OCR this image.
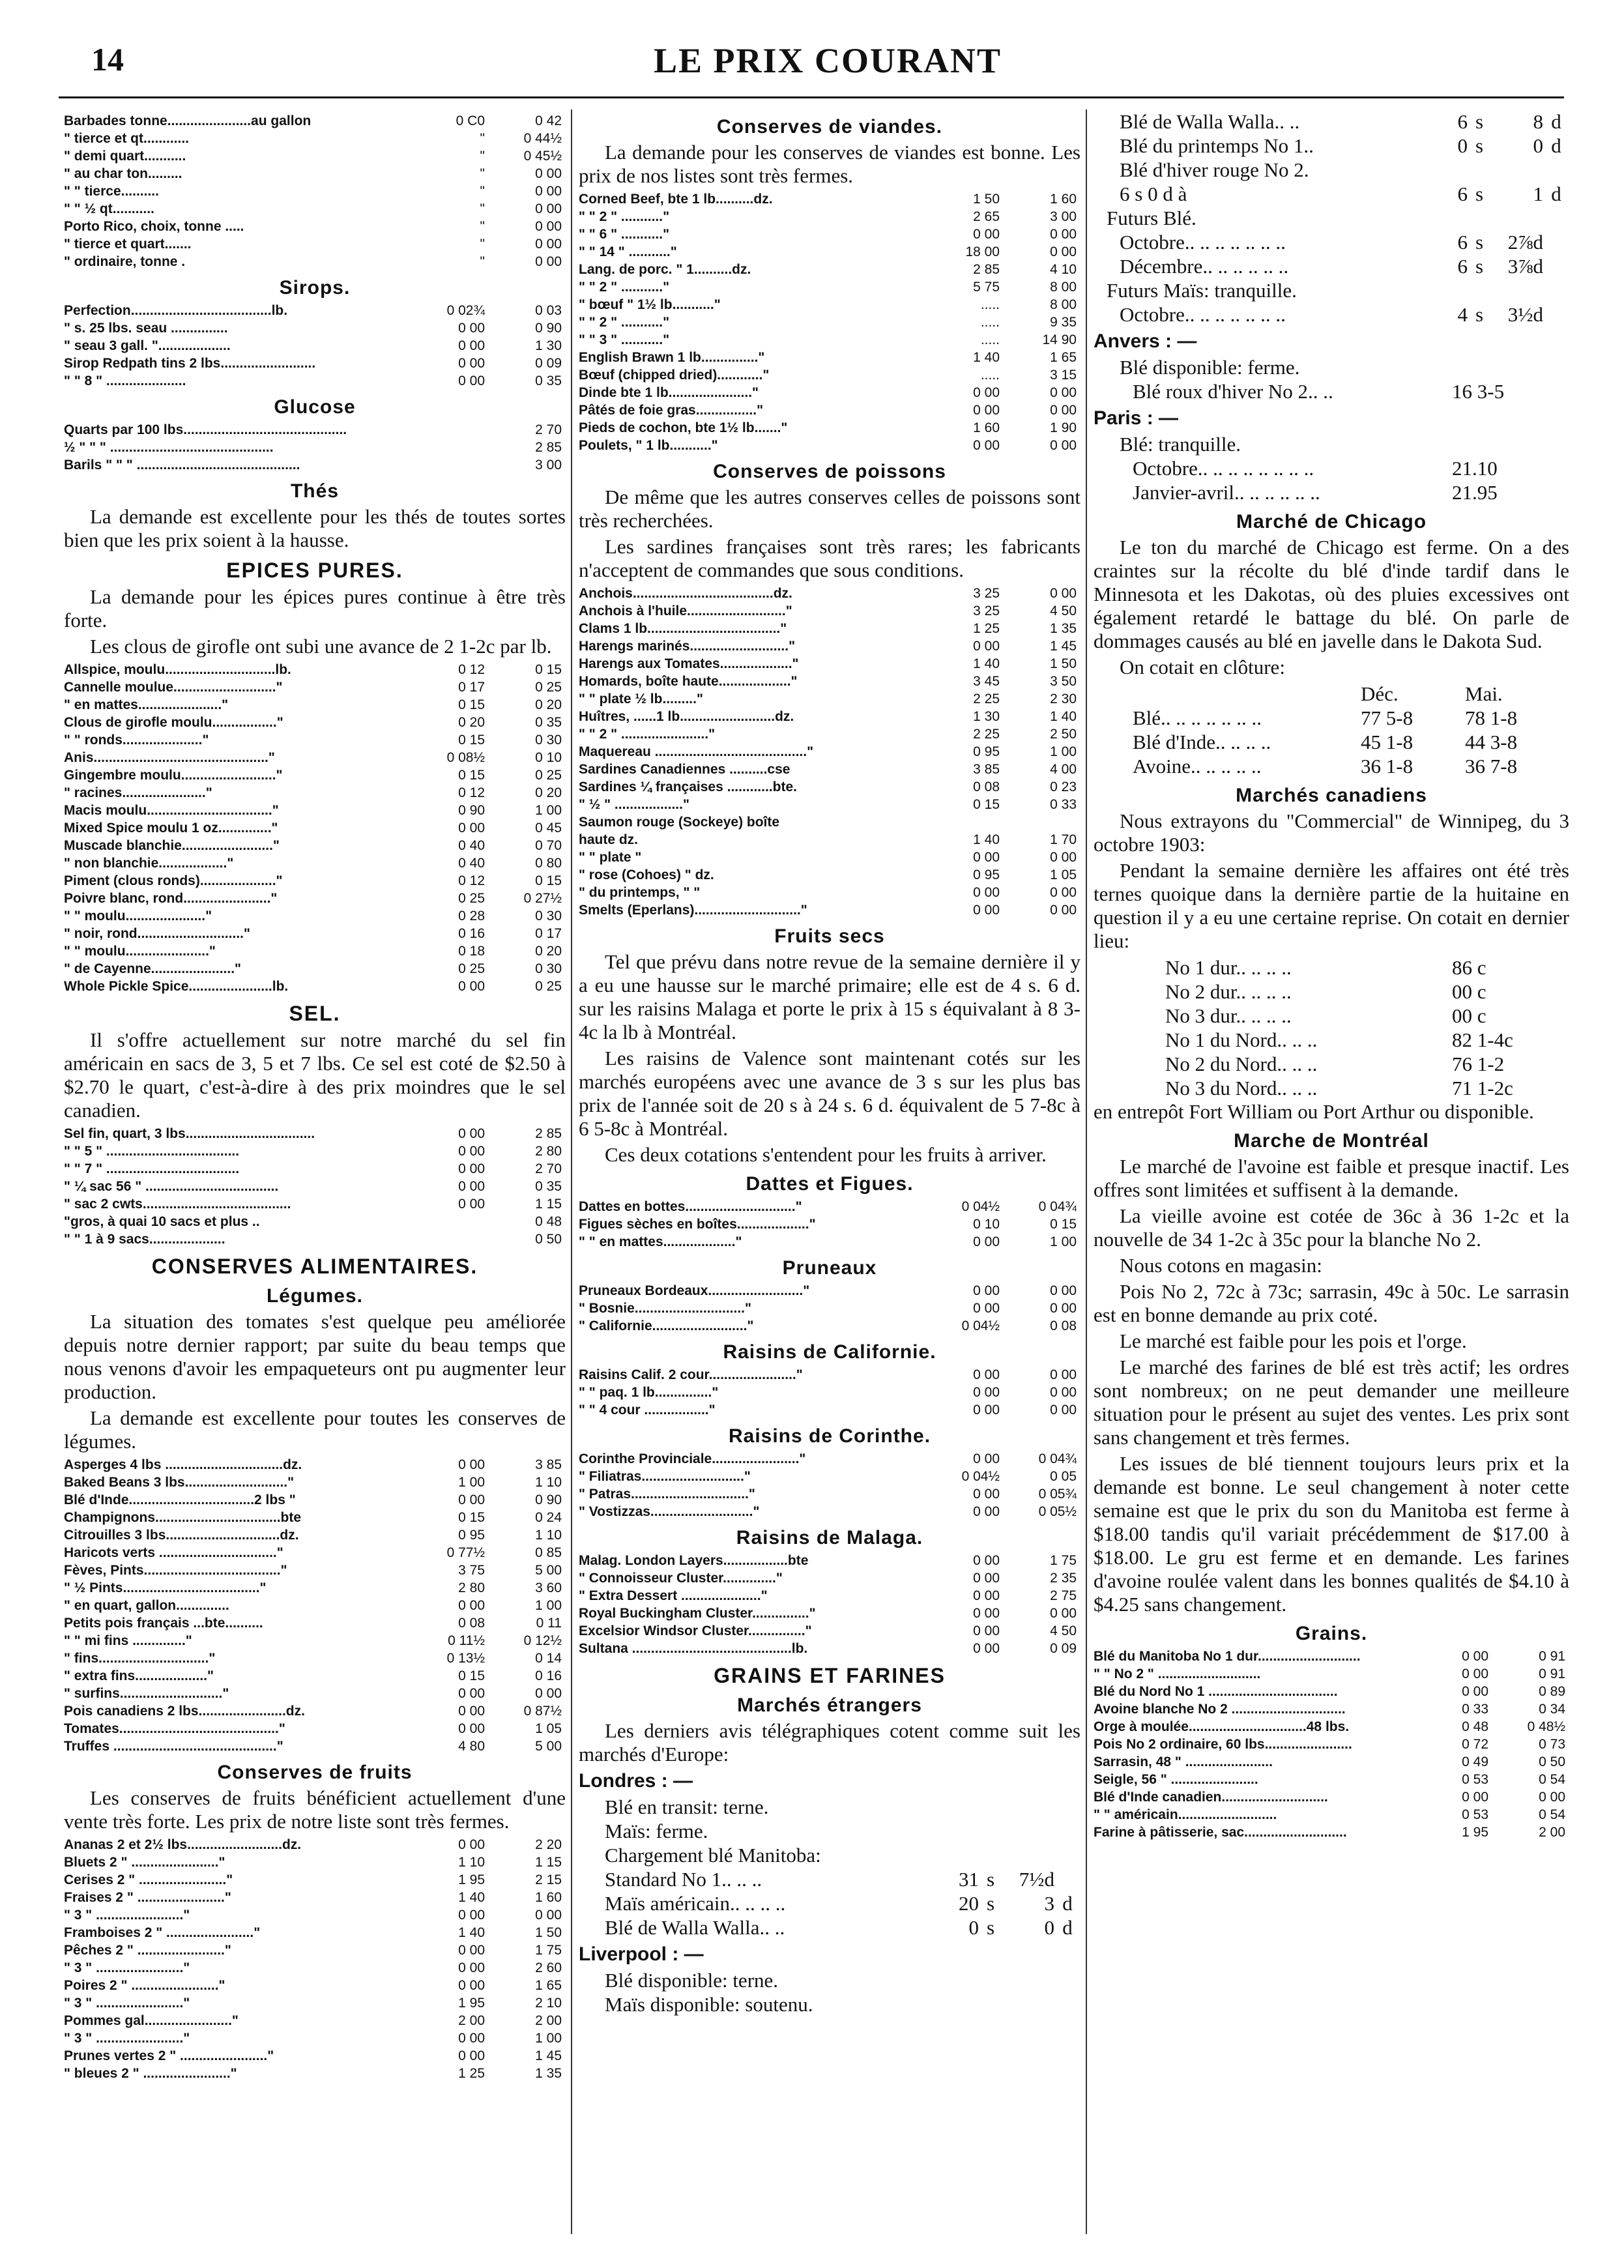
14	LE PRIX COURANT
Barbades tonne......................au gallon	0 C0	0 42
" tierce et qt............	"	0 44½
" demi quart...........	"	0 45½
" au char ton.........	"	0 00
" " tierce..........	"	0 00
" " ½ qt...........	"	0 00
Porto Rico, choix, tonne .....	"	0 00
" tierce et quart.......	"	0 00
" ordinaire, tonne .	"	0 00
Sirops.
Perfection.....................................lb.	0 02¾	0 03
" s. 25 lbs. seau ...............	0 00	0 90
" seau 3 gall. "...................	0 00	1 30
Sirop Redpath tins 2 lbs.........................	0 00	0 09
" " 8 " .....................	0 00	0 35
Glucose
Quarts par 100 lbs...........................................	2 70
½ " " " ...........................................	2 85
Barils " " " ...........................................	3 00
Thés

La demande est excellente pour les thés de toutes sortes bien que les prix soient à la hausse.

EPICES PURES.

La demande pour les épices pures continue à être très forte.

Les clous de girofle ont subi une avance de 2 1-2c par lb.

Allspice, moulu.............................lb.	0 12	0 15
Cannelle moulue..........................."	0 17	0 25
" en mattes......................"	0 15	0 20
Clous de girofle moulu................."	0 20	0 35
" " ronds....................."	0 15	0 30
Anis.............................................."	0 08½	0 10
Gingembre moulu........................."	0 15	0 25
" racines......................"	0 12	0 20
Macis moulu................................."	0 90	1 00
Mixed Spice moulu 1 oz.............."	0 00	0 45
Muscade blanchie........................"	0 40	0 70
" non blanchie.................."	0 40	0 80
Piment (clous ronds)...................."	0 12	0 15
Poivre blanc, rond......................."	0 25	0 27½
" " moulu....................."	0 28	0 30
" noir, rond............................"	0 16	0 17
" " moulu......................"	0 18	0 20
" de Cayenne......................"	0 25	0 30
Whole Pickle Spice......................lb.	0 00	0 25
SEL.

Il s'offre actuellement sur notre marché du sel fin américain en sacs de 3, 5 et 7 lbs. Ce sel est coté de $2.50 à $2.70 le quart, c'est-à-dire à des prix moindres que le sel canadien.

Sel fin, quart, 3 lbs..................................	0 00	2 85
" " 5 " ...................................	0 00	2 80
" " 7 " ...................................	0 00	2 70
" ¼ sac 56 " ...................................	0 00	0 35
" sac 2 cwts.......................................	0 00	1 15
"gros, à quai 10 sacs et plus ..	0 48
" " 1 à 9 sacs....................	0 50
CONSERVES ALIMENTAIRES.
Légumes.

La situation des tomates s'est quelque peu améliorée depuis notre dernier rapport; par suite du beau temps que nous venons d'avoir les empaqueteurs ont pu augmenter leur production.

La demande est excellente pour toutes les conserves de légumes.

Asperges 4 lbs ...............................dz.	0 00	3 85
Baked Beans 3 lbs..........................."	1 00	1 10
Blé d'Inde.................................2 lbs "	0 00	0 90
Champignons.................................bte	0 15	0 24
Citrouilles 3 lbs..............................dz.	0 95	1 10
Haricots verts ..............................."	0 77½	0 85
Fèves, Pints...................................."	3 75	5 00
" ½ Pints...................................."	2 80	3 60
" en quart, gallon..............	0 00	1 00
Petits pois français ...bte..........	0 08	0 11
" " mi fins .............."	0 11½	0 12½
" fins............................."	0 13½	0 14
" extra fins..................."	0 15	0 16
" surfins..........................."	0 00	0 00
Pois canadiens 2 lbs.......................dz.	0 00	0 87½
Tomates.........................................."	0 00	1 05
Truffes ..........................................."	4 80	5 00
Conserves de fruits

Les conserves de fruits bénéficient actuellement d'une vente très forte. Les prix de notre liste sont très fermes.

Ananas 2 et 2½ lbs.........................dz.	0 00	2 20
Bluets 2 " ......................."	1 10	1 15
Cerises 2 " ......................."	1 95	2 15
Fraises 2 " ......................."	1 40	1 60
" 3 " ......................."	0 00	0 00
Framboises 2 " ......................."	1 40	1 50
Pêches 2 " ......................."	0 00	1 75
" 3 " ......................."	0 00	2 60
Poires 2 " ......................."	0 00	1 65
" 3 " ......................."	1 95	2 10
Pommes gal......................."	2 00	2 00
" 3 " ......................."	0 00	1 00
Prunes vertes 2 " ......................."	0 00	1 45
" bleues 2 " ......................."	1 25	1 35
Conserves de viandes.

La demande pour les conserves de viandes est bonne. Les prix de nos listes sont très fermes.

Corned Beef, bte 1 lb..........dz.	1 50	1 60
" " 2 " ..........."	2 65	3 00
" " 6 " ..........."	0 00	0 00
" " 14 " ..........."	18 00	0 00
Lang. de porc. " 1..........dz.	2 85	4 10
" " 2 " ..........."	5 75	8 00
" bœuf " 1½ lb..........."	.....	8 00
" " 2 " ..........."	.....	9 35
" " 3 " ..........."	.....	14 90
English Brawn 1 lb..............."	1 40	1 65
Bœuf (chipped dried)............"	.....	3 15
Dinde bte 1 lb......................"	0 00	0 00
Pâtés de foie gras................"	0 00	0 00
Pieds de cochon, bte 1½ lb......."	1 60	1 90
Poulets, " 1 lb..........."	0 00	0 00
Conserves de poissons

De même que les autres conserves celles de poissons sont très recherchées.

Les sardines françaises sont très rares; les fabricants n'acceptent de commandes que sous conditions.

Anchois.....................................dz.	3 25	0 00
Anchois à l'huile.........................."	3 25	4 50
Clams 1 lb..................................."	1 25	1 35
Harengs marinés.........................."	0 00	1 45
Harengs aux Tomates..................."	1 40	1 50
Homards, boîte haute..................."	3 45	3 50
" " plate ½ lb........."	2 25	2 30
Huîtres, ......1 lb.........................dz.	1 30	1 40
" " 2 " ......................."	2 25	2 50
Maquereau ........................................"	0 95	1 00
Sardines Canadiennes ..........cse	3 85	4 00
Sardines ¼ françaises ............bte.	0 08	0 23
" ½ " .................."	0 15	0 33
Saumon rouge (Sockeye) boîte
haute dz.	1 40	1 70
" " plate "	0 00	0 00
" rose (Cohoes) " dz.	0 95	1 05
" du printemps, " "	0 00	0 00
Smelts (Eperlans)............................"	0 00	0 00
Fruits secs

Tel que prévu dans notre revue de la semaine dernière il y a eu une hausse sur le marché primaire; elle est de 4 s. 6 d. sur les raisins Malaga et porte le prix à 15 s équivalant à 8 3-4c la lb à Montréal.

Les raisins de Valence sont maintenant cotés sur les marchés européens avec une avance de 3 s sur les plus bas prix de l'année soit de 20 s à 24 s. 6 d. équivalent de 5 7-8c à 6 5-8c à Montréal.

Ces deux cotations s'entendent pour les fruits à arriver.

Dattes et Figues.
Dattes en bottes............................."	0 04½	0 04¾
Figues sèches en boîtes..................."	0 10	0 15
" " en mattes..................."	0 00	1 00
Pruneaux
Pruneaux Bordeaux........................."	0 00	0 00
" Bosnie............................."	0 00	0 00
" Californie........................."	0 04½	0 08
Raisins de Californie.
Raisins Calif. 2 cour......................."	0 00	0 00
" " paq. 1 lb..............."	0 00	0 00
" " 4 cour ................."	0 00	0 00
Raisins de Corinthe.
Corinthe Provinciale......................."	0 00	0 04¾
" Filiatras..........................."	0 04½	0 05
" Patras..............................."	0 00	0 05¾
" Vostizzas..........................."	0 00	0 05½
Raisins de Malaga.
Malag. London Layers.................bte	0 00	1 75
" Connoisseur Cluster.............."	0 00	2 35
" Extra Dessert ....................."	0 00	2 75
Royal Buckingham Cluster..............."	0 00	0 00
Excelsior Windsor Cluster..............."	0 00	4 50
Sultana ..........................................lb.	0 00	0 09
GRAINS ET FARINES
Marchés étrangers

Les derniers avis télégraphiques cotent comme suit les marchés d'Europe:

Londres : —
Blé en transit: terne.
Maïs: ferme.
Chargement blé Manitoba:
Standard No 1.. .. ..	31 s	7½d
Maïs américain.. .. .. ..	20 s	3 d
Blé de Walla Walla.. ..	0 s	0 d
Liverpool : —
Blé disponible: terne.
Maïs disponible: soutenu.
Blé de Walla Walla.. ..	6 s	8 d
Blé du printemps No 1..	0 s	0 d
Blé d'hiver rouge No 2.
6 s 0 d à	6 s	1 d
Futurs Blé.
Octobre.. .. .. .. .. .. ..	6 s	2⅞d
Décembre.. .. .. .. .. ..	6 s	3⅞d
Futurs Maïs: tranquille.
Octobre.. .. .. .. .. .. ..	4 s	3½d
Anvers : —
Blé disponible: ferme.
Blé roux d'hiver No 2.. ..	16 3-5
Paris : —
Blé: tranquille.
Octobre.. .. .. .. .. .. .. ..	21.10
Janvier-avril.. .. .. .. .. ..	21.95
Marché de Chicago

Le ton du marché de Chicago est ferme. On a des craintes sur la récolte du blé d'inde tardif dans le Minnesota et les Dakotas, où des pluies excessives ont également retardé le battage du blé. On parle de dommages causés au blé en javelle dans le Dakota Sud.

On cotait en clôture:

Déc.	Mai.
Blé.. .. .. .. .. .. ..	77 5-8	78 1-8
Blé d'Inde.. .. .. ..	45 1-8	44 3-8
Avoine.. .. .. .. ..	36 1-8	36 7-8
Marchés canadiens

Nous extrayons du "Commercial" de Winnipeg, du 3 octobre 1903:

Pendant la semaine dernière les affaires ont été très ternes quoique dans la dernière partie de la huitaine en question il y a eu une certaine reprise. On cotait en dernier lieu:

No 1 dur.. .. .. ..	86 c
No 2 dur.. .. .. ..	00 c
No 3 dur.. .. .. ..	00 c
No 1 du Nord.. .. ..	82 1-4c
No 2 du Nord.. .. ..	76 1-2
No 3 du Nord.. .. ..	71 1-2c

en entrepôt Fort William ou Port Arthur ou disponible.

Marche de Montréal

Le marché de l'avoine est faible et presque inactif. Les offres sont limitées et suffisent à la demande.

La vieille avoine est cotée de 36c à 36 1-2c et la nouvelle de 34 1-2c à 35c pour la blanche No 2.

Nous cotons en magasin:

Pois No 2, 72c à 73c; sarrasin, 49c à 50c. Le sarrasin est en bonne demande au prix coté.

Le marché est faible pour les pois et l'orge.

Le marché des farines de blé est très actif; les ordres sont nombreux; on ne peut demander une meilleure situation pour le présent au sujet des ventes. Les prix sont sans changement et très fermes.

Les issues de blé tiennent toujours leurs prix et la demande est bonne. Le seul changement à noter cette semaine est que le prix du son du Manitoba est ferme à $18.00 tandis qu'il variait précédemment de $17.00 à $18.00. Le gru est ferme et en demande. Les farines d'avoine roulée valent dans les bonnes qualités de $4.10 à $4.25 sans changement.

Grains.
Blé du Manitoba No 1 dur...........................	0 00	0 91
" " No 2 " ...........................	0 00	0 91
Blé du Nord No 1 ..................................	0 00	0 89
Avoine blanche No 2 ..............................	0 33	0 34
Orge à moulée...............................48 lbs.	0 48	0 48½
Pois No 2 ordinaire, 60 lbs.......................	0 72	0 73
Sarrasin, 48 " .......................	0 49	0 50
Seigle, 56 " .......................	0 53	0 54
Blé d'Inde canadien............................	0 00	0 00
" " américain..........................	0 53	0 54
Farine à pâtisserie, sac...........................	1 95	2 00
